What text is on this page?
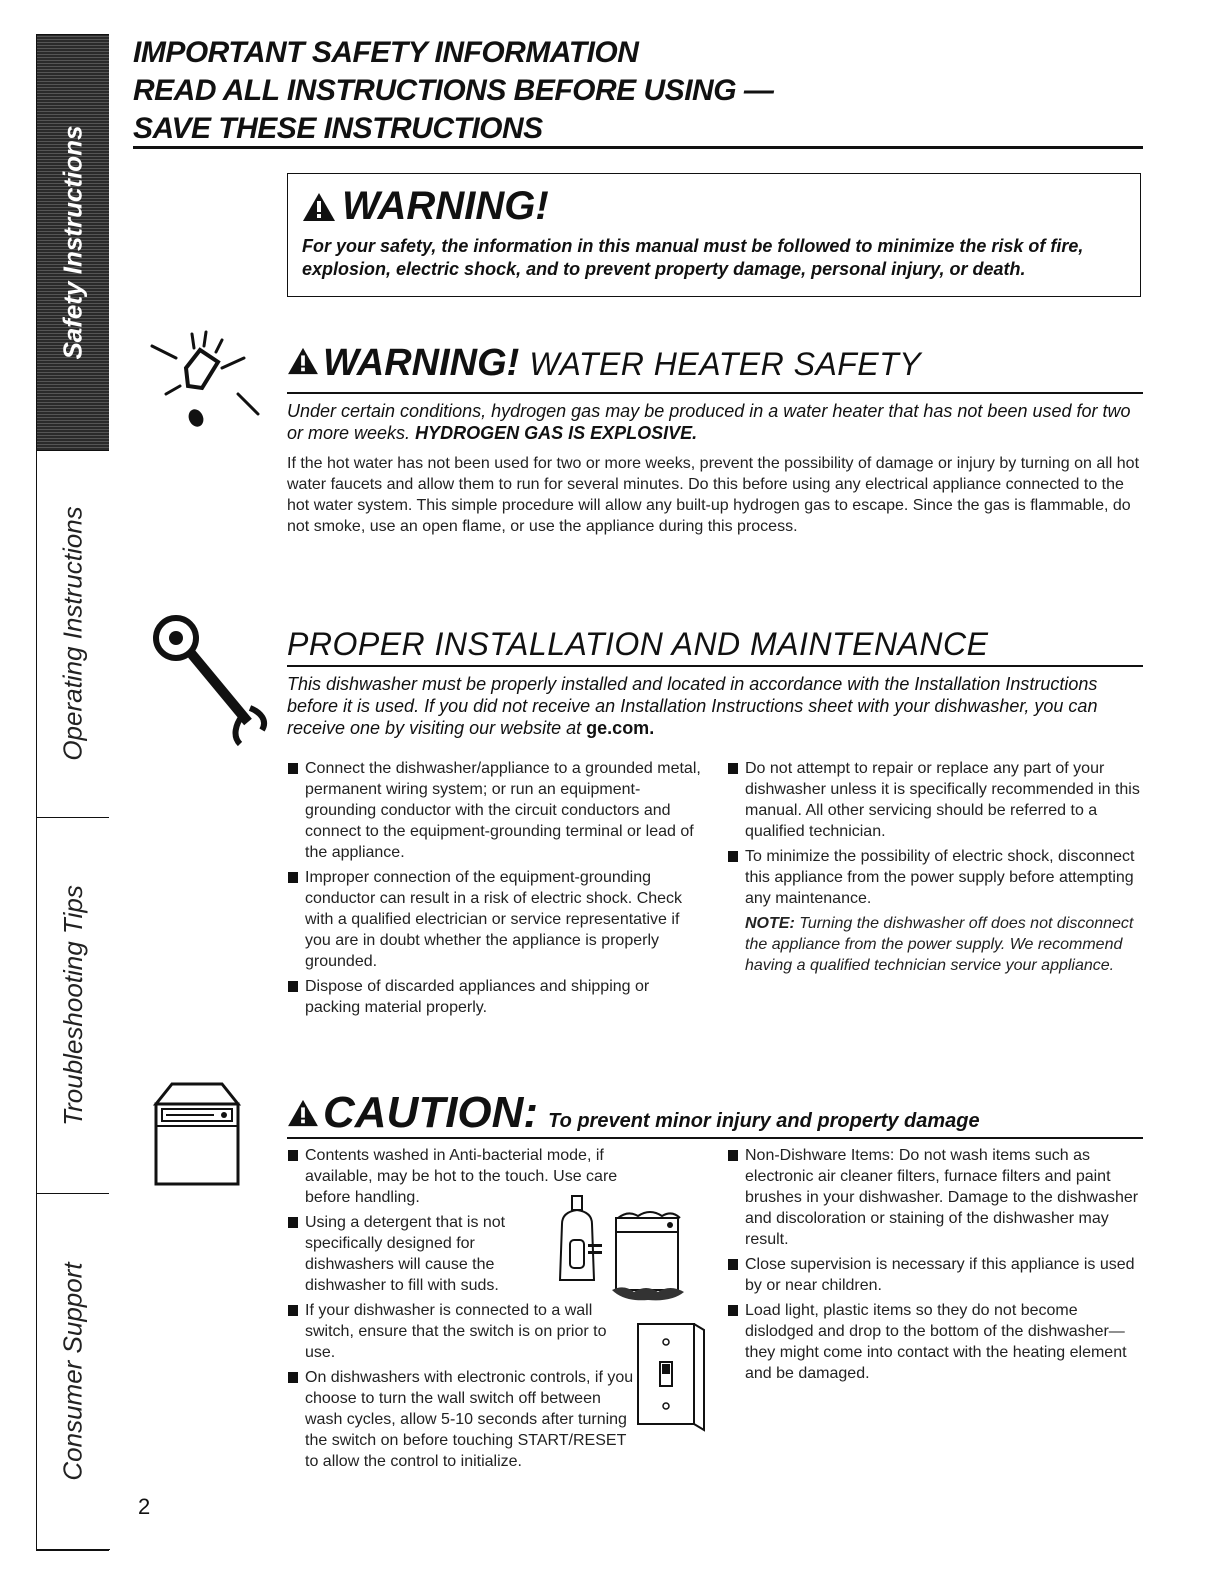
Safety Instructions
Operating Instructions
Troubleshooting Tips
Consumer Support
IMPORTANT SAFETY INFORMATION
READ ALL INSTRUCTIONS BEFORE USING —
SAVE THESE INSTRUCTIONS
WARNING!
For your safety, the information in this manual must be followed to minimize the risk of fire, explosion, electric shock, and to prevent property damage, personal injury, or death.
WARNING! WATER HEATER SAFETY
Under certain conditions, hydrogen gas may be produced in a water heater that has not been used for two or more weeks. HYDROGEN GAS IS EXPLOSIVE.
If the hot water has not been used for two or more weeks, prevent the possibility of damage or injury by turning on all hot water faucets and allow them to run for several minutes. Do this before using any electrical appliance connected to the hot water system. This simple procedure will allow any built-up hydrogen gas to escape. Since the gas is flammable, do not smoke, use an open flame, or use the appliance during this process.
PROPER INSTALLATION AND MAINTENANCE
This dishwasher must be properly installed and located in accordance with the Installation Instructions before it is used. If you did not receive an Installation Instructions sheet with your dishwasher, you can receive one by visiting our website at ge.com.
Connect the dishwasher/appliance to a grounded metal, permanent wiring system; or run an equipment-grounding conductor with the circuit conductors and connect to the equipment-grounding terminal or lead of the appliance.
Improper connection of the equipment-grounding conductor can result in a risk of electric shock. Check with a qualified electrician or service representative if you are in doubt whether the appliance is properly grounded.
Dispose of discarded appliances and shipping or packing material properly.
Do not attempt to repair or replace any part of your dishwasher unless it is specifically recommended in this manual. All other servicing should be referred to a qualified technician.
To minimize the possibility of electric shock, disconnect this appliance from the power supply before attempting any maintenance.
NOTE: Turning the dishwasher off does not disconnect the appliance from the power supply. We recommend having a qualified technician service your appliance.
CAUTION: To prevent minor injury and property damage
Contents washed in Anti-bacterial mode, if available, may be hot to the touch. Use care before handling.
Using a detergent that is not specifically designed for dishwashers will cause the dishwasher to fill with suds.
If your dishwasher is connected to a wall switch, ensure that the switch is on prior to use.
On dishwashers with electronic controls, if you choose to turn the wall switch off between wash cycles, allow 5-10 seconds after turning the switch on before touching START/RESET to allow the control to initialize.
Non-Dishware Items: Do not wash items such as electronic air cleaner filters, furnace filters and paint brushes in your dishwasher. Damage to the dishwasher and discoloration or staining of the dishwasher may result.
Close supervision is necessary if this appliance is used by or near children.
Load light, plastic items so they do not become dislodged and drop to the bottom of the dishwasher—they might come into contact with the heating element and be damaged.
2
